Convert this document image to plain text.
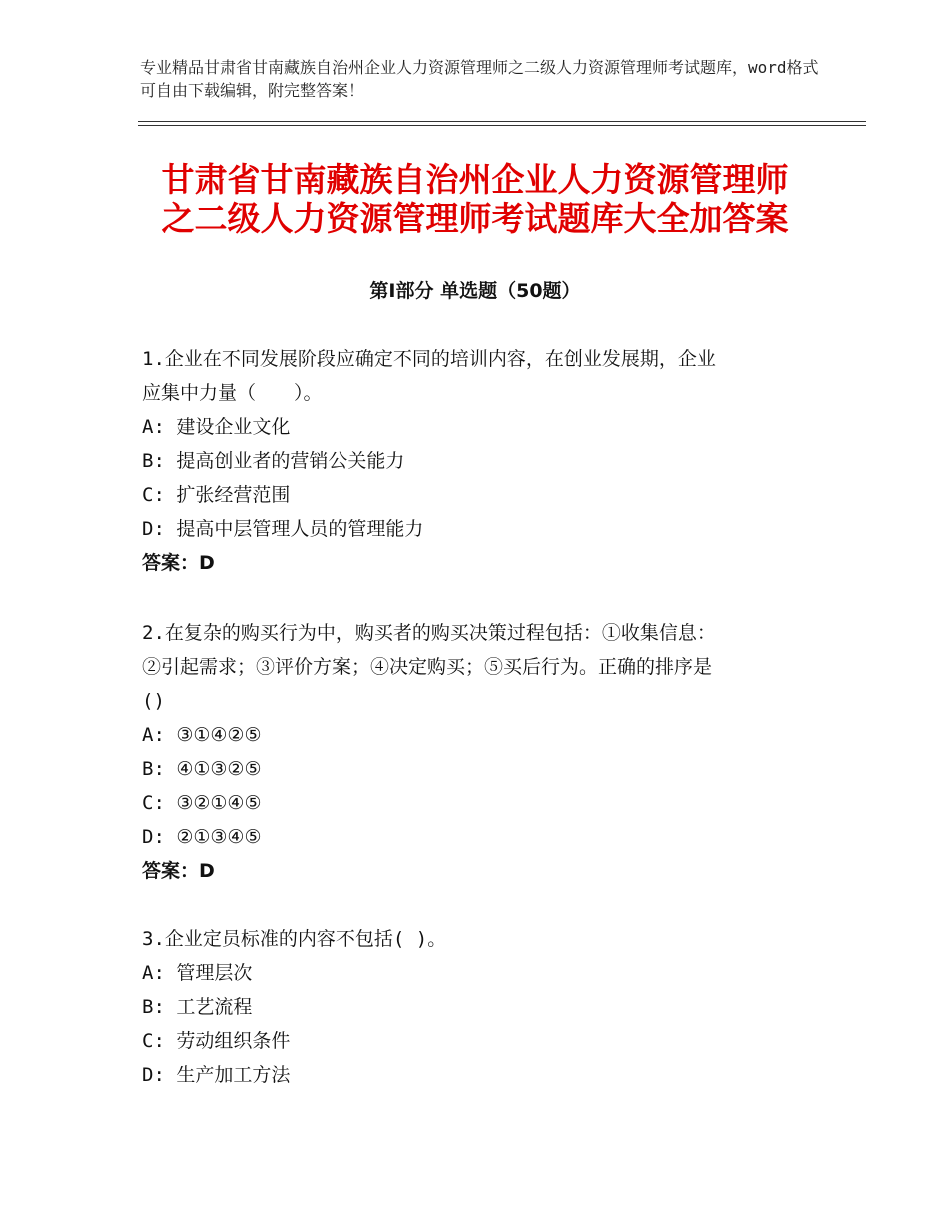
专业精品甘肃省甘南藏族自治州企业人力资源管理师之二级人力资源管理师考试题库，word格式可自由下载编辑，附完整答案！
甘肃省甘南藏族自治州企业人力资源管理师
之二级人力资源管理师考试题库大全加答案
第Ⅰ部分 单选题（50题）

1.企业在不同发展阶段应确定不同的培训内容，在创业发展期，企业

应集中力量（　　）。

A: 建设企业文化

B: 提高创业者的营销公关能力

C: 扩张经营范围

D: 提高中层管理人员的管理能力

答案：D

2.在复杂的购买行为中，购买者的购买决策过程包括：①收集信息：

②引起需求；③评价方案；④决定购买；⑤买后行为。正确的排序是

()

A: ③①④②⑤

B: ④①③②⑤

C: ③②①④⑤

D: ②①③④⑤

答案：D

3.企业定员标准的内容不包括( )。

A: 管理层次

B: 工艺流程

C: 劳动组织条件

D: 生产加工方法
